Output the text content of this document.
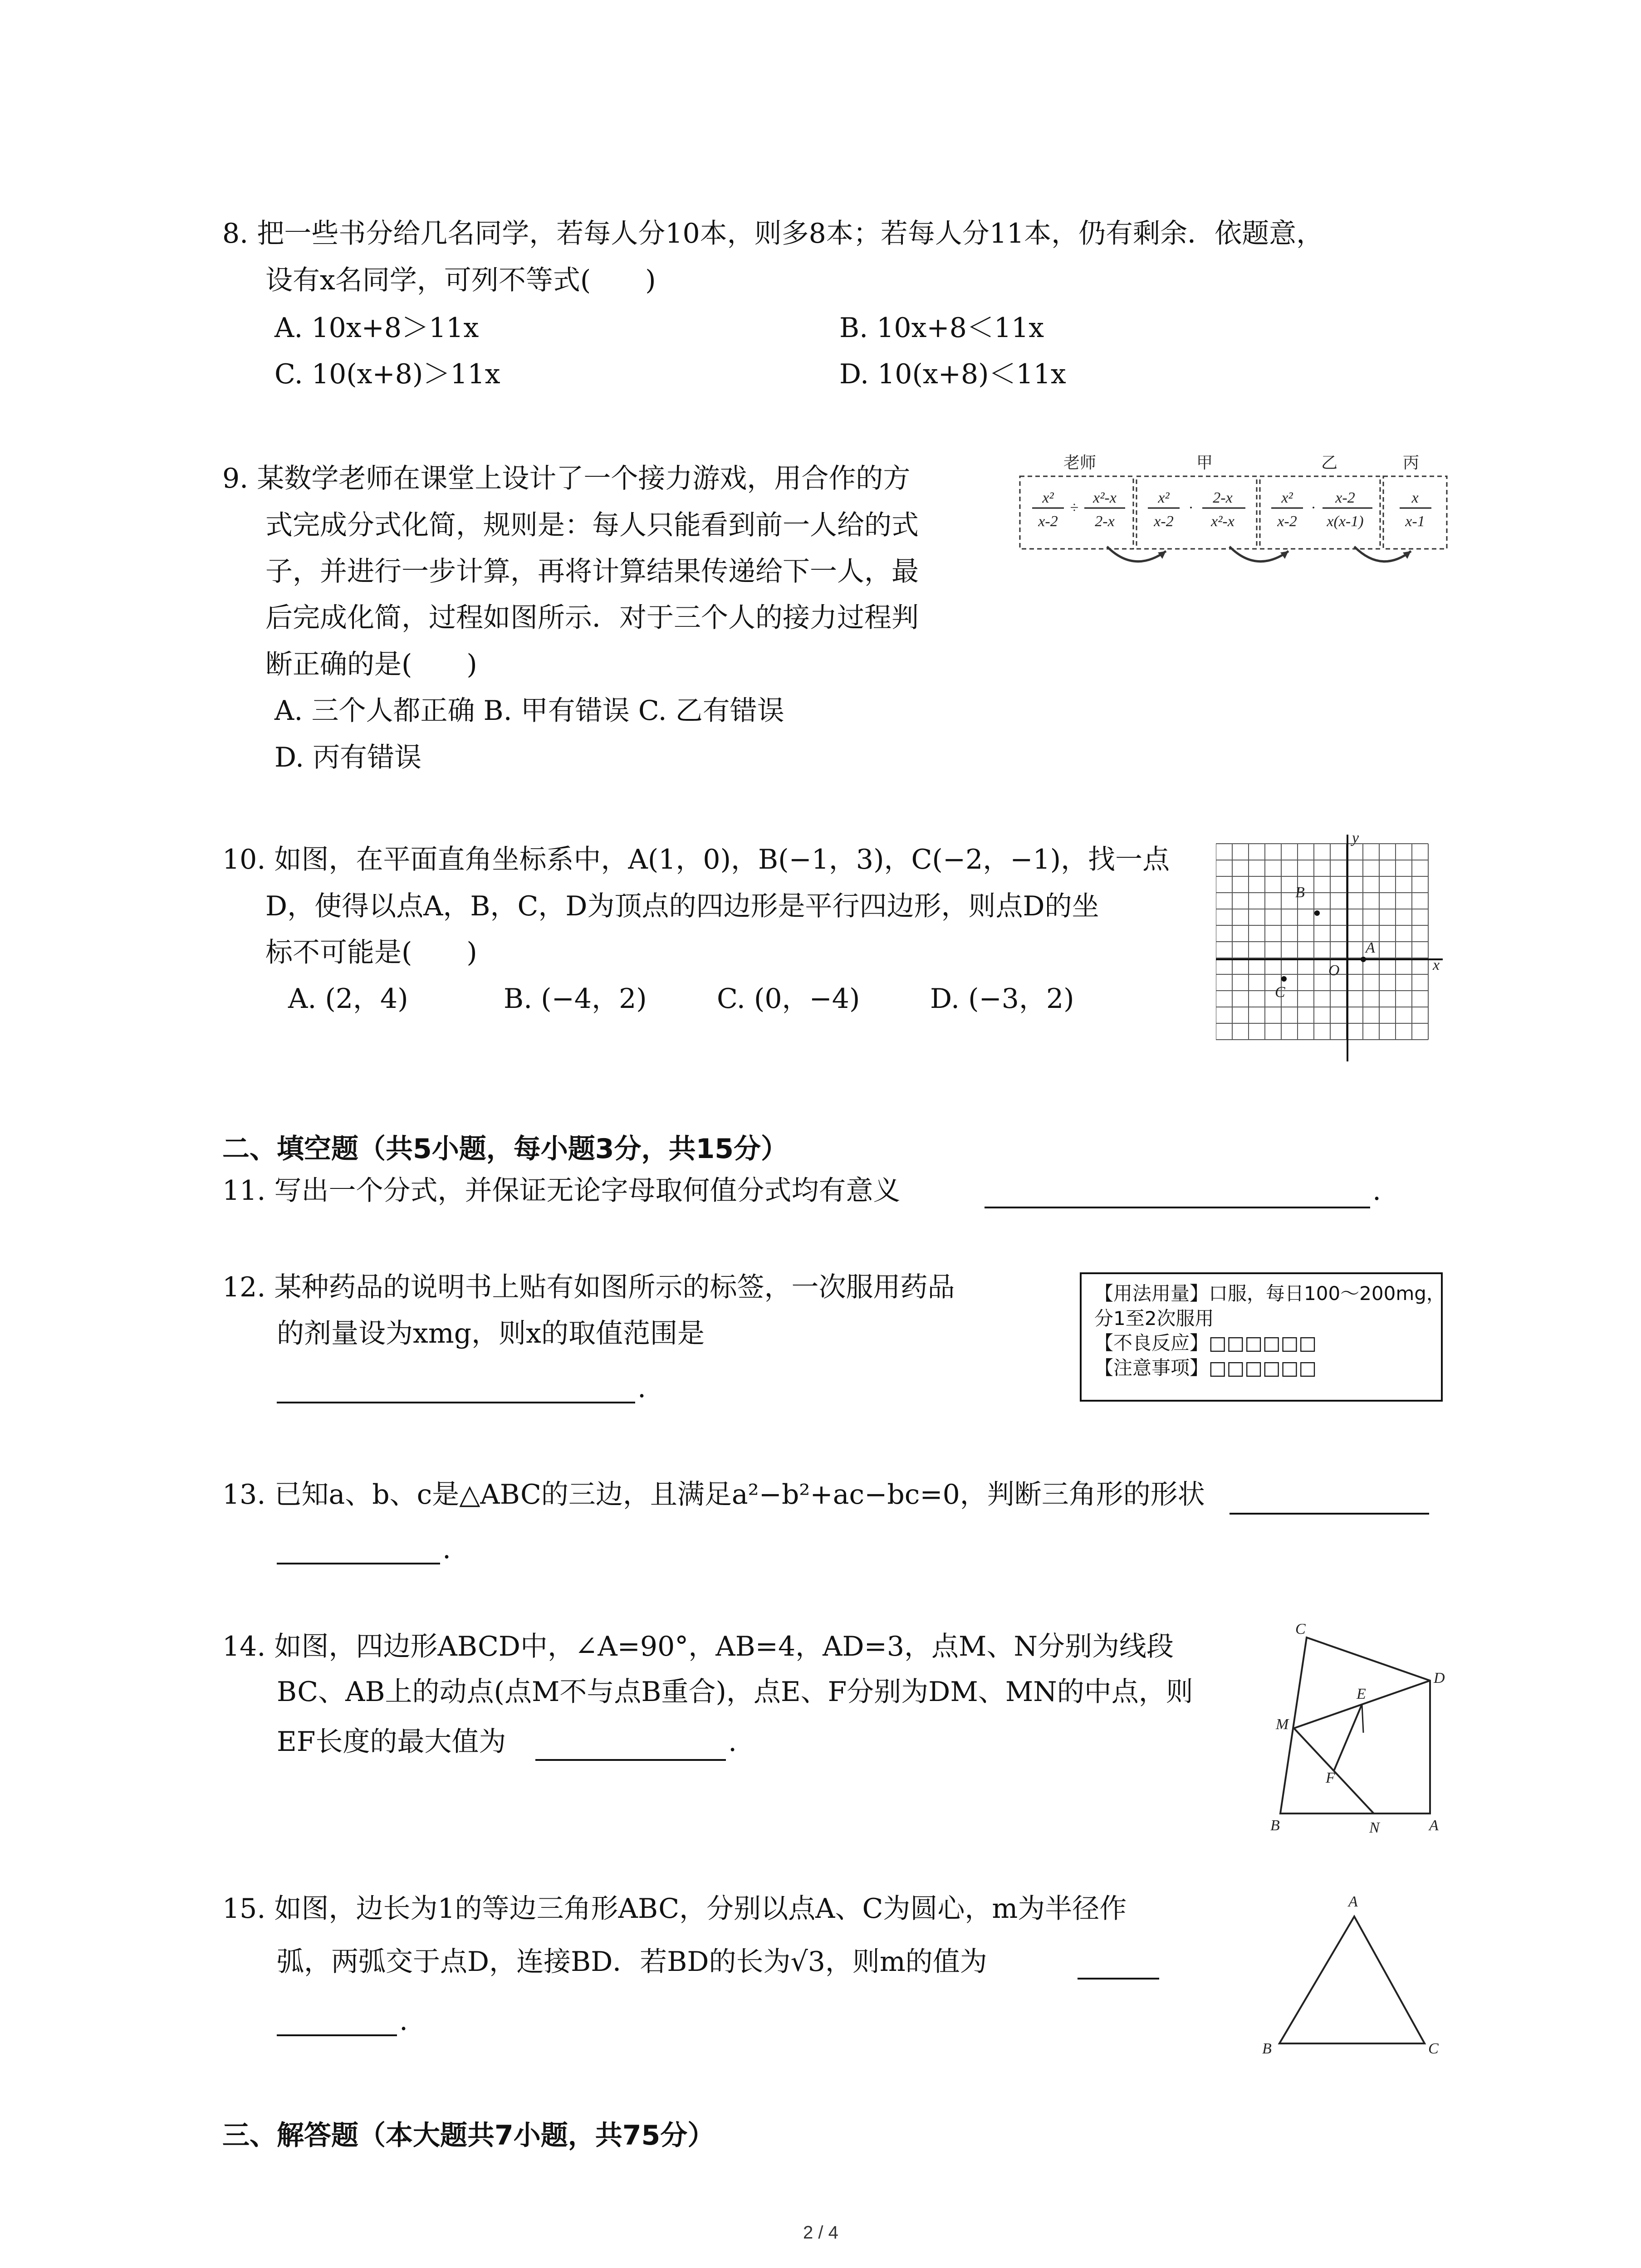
8. 把一些书分给几名同学，若每人分10本，则多8本；若每人分11本，仍有剩余．依题意，
设有x名同学，可列不等式(　　)
A. 10x+8＞11x	B. 10x+8＜11x
C. 10(x+8)＞11x	D. 10(x+8)＜11x
9. 某数学老师在课堂上设计了一个接力游戏，用合作的方
式完成分式化简，规则是：每人只能看到前一人给的式
子，并进行一步计算，再将计算结果传递给下一人，最
后完成化简，过程如图所示．对于三个人的接力过程判
断正确的是(　　)
A. 三个人都正确 B. 甲有错误 C. 乙有错误
D. 丙有错误
老师	甲	乙	丙
x²
x-2
÷
x²-x
2-x
x²
x-2
·
2-x
x²-x
x²
x-2
·
x-2
x(x-1)
x
x-1
10. 如图，在平面直角坐标系中，A(1，0)，B(−1，3)，C(−2，−1)，找一点
D，使得以点A，B，C，D为顶点的四边形是平行四边形，则点D的坐
标不可能是(　　)
A. (2，4)	B. (−4，2)	C. (0，−4)	D. (−3，2)
y
x
O
A
B
C
二、填空题（共5小题，每小题3分，共15分）
11. 写出一个分式，并保证无论字母取何值分式均有意义	.
12. 某种药品的说明书上贴有如图所示的标签，一次服用药品
的剂量设为xmg，则x的取值范围是
.
【用法用量】口服，每日100～200mg，
分1至2次服用
【不良反应】□□□□□□
【注意事项】□□□□□□
13. 已知a、b、c是△ABC的三边，且满足a²−b²+ac−bc=0，判断三角形的形状
.
14. 如图，四边形ABCD中，∠A=90°，AB=4，AD=3，点M、N分别为线段
BC、AB上的动点(点M不与点B重合)，点E、F分别为DM、MN的中点，则
EF长度的最大值为	.
C
D
E
M
F
B	N	A
15. 如图，边长为1的等边三角形ABC，分别以点A、C为圆心，m为半径作
弧，两弧交于点D，连接BD．若BD的长为√3，则m的值为
.
A
B	C
三、解答题（本大题共7小题，共75分）
2 / 4
